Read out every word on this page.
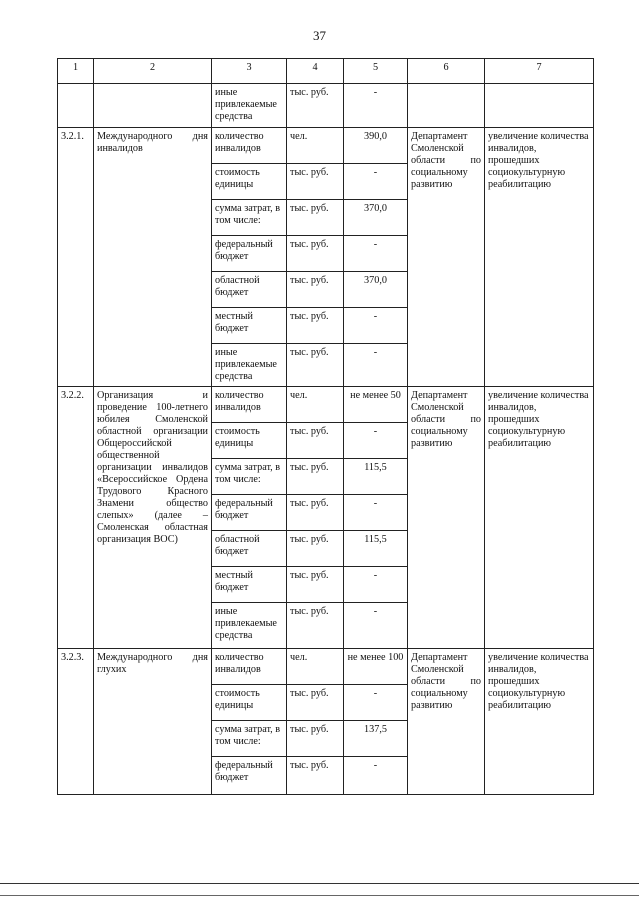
37
1	2	3	4	5	6	7
		иные привлекаемые средства	тыс. руб.	-		
3.2.1.	Международного дня инвалидов	количество инвалидов	чел.	390,0	Департамент Смоленской области по социальному развитию	увеличение количества инвалидов, прошедших социокультурную реабилитацию
		стоимость единицы	тыс. руб.	-		
		сумма затрат, в том числе:	тыс. руб.	370,0		
		федеральный бюджет	тыс. руб.	-		
		областной бюджет	тыс. руб.	370,0		
		местный бюджет	тыс. руб.	-		
		иные привлекаемые средства	тыс. руб.	-		
3.2.2.	Организация и проведение 100-летнего юбилея Смоленской областной организации Общероссийской общественной организации инвалидов «Всероссийское Ордена Трудового Красного Знамени общество слепых» (далее – Смоленская областная организация ВОС)	количество инвалидов	чел.	не менее 50	Департамент Смоленской области по социальному развитию	увеличение количества инвалидов, прошедших социокультурную реабилитацию
		стоимость единицы	тыс. руб.	-		
		сумма затрат, в том числе:	тыс. руб.	115,5		
		федеральный бюджет	тыс. руб.	-		
		областной бюджет	тыс. руб.	115,5		
		местный бюджет	тыс. руб.	-		
		иные привлекаемые средства	тыс. руб.	-		
3.2.3.	Международного дня глухих	количество инвалидов	чел.	не менее 100	Департамент Смоленской области по социальному развитию	увеличение количества инвалидов, прошедших социокультурную реабилитацию
		стоимость единицы	тыс. руб.	-		
		сумма затрат, в том числе:	тыс. руб.	137,5		
		федеральный бюджет	тыс. руб.	-		
